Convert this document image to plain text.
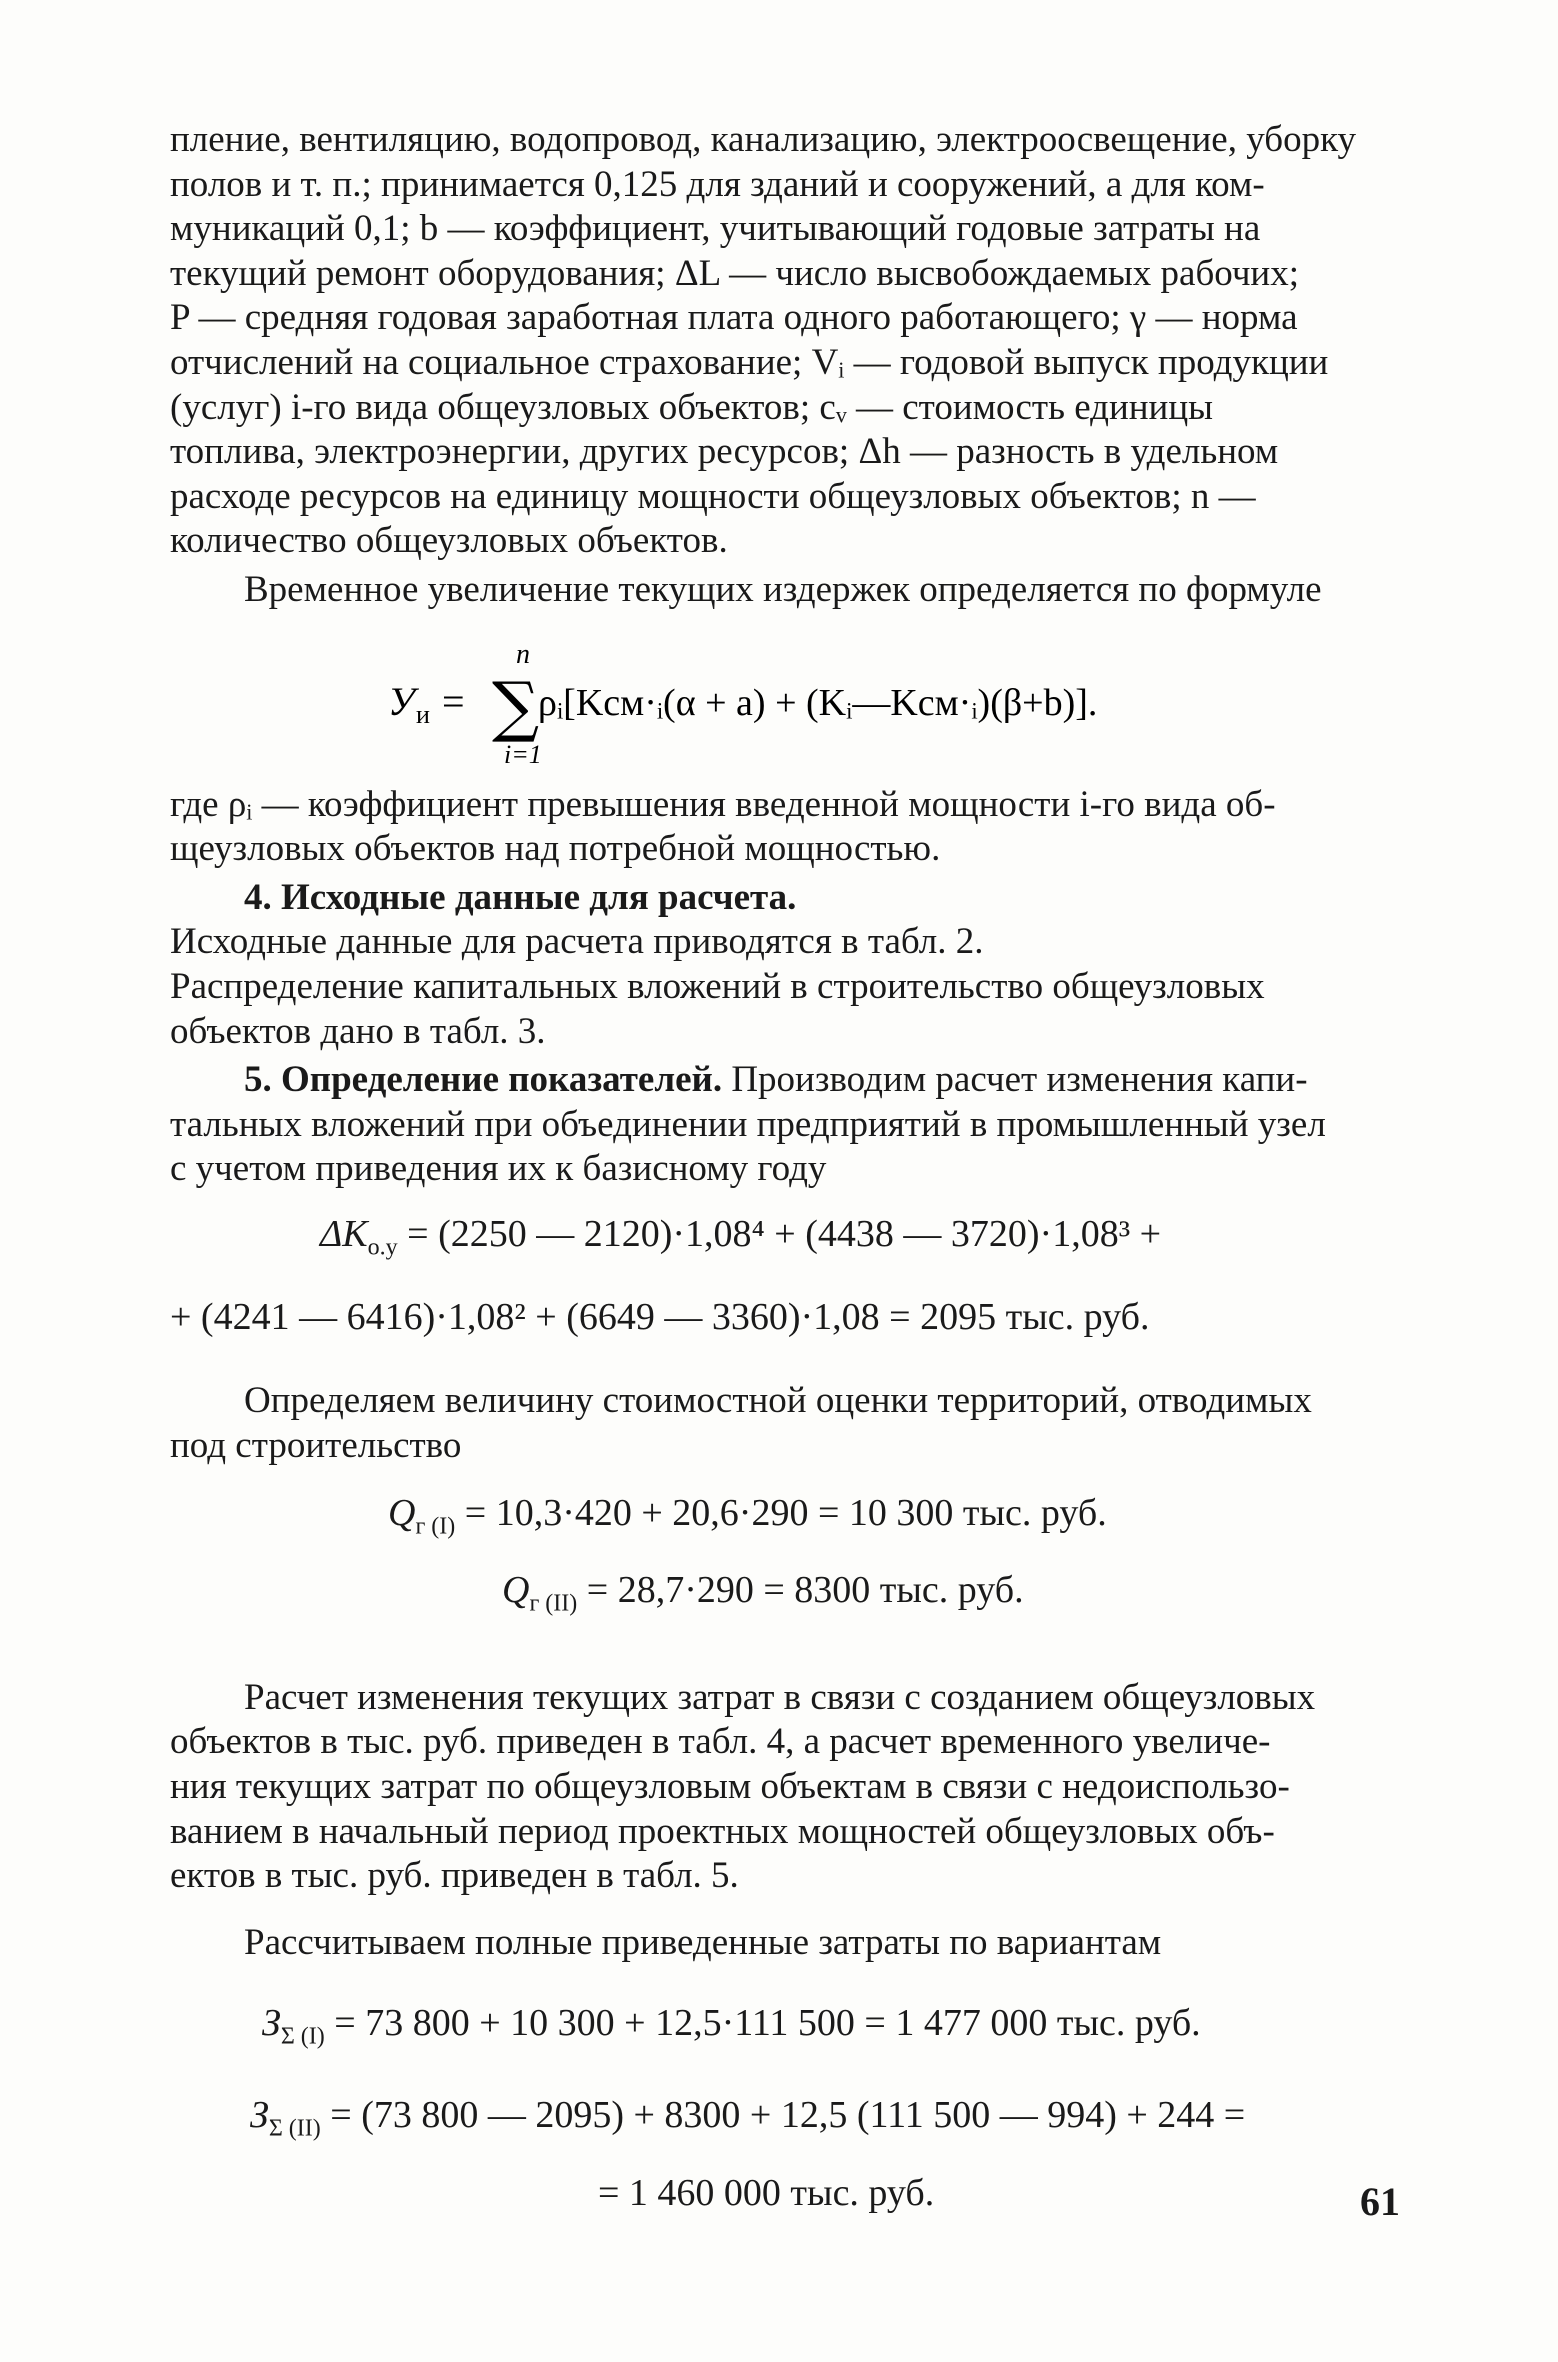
пление, вентиляцию, водопровод, канализацию, электроосвещение, уборку
полов и т. п.; принимается 0,125 для зданий и сооружений, а для ком-
муникаций 0,1; b — коэффициент, учитывающий годовые затраты на
текущий ремонт оборудования; ΔL — число высвобождаемых рабочих;
P — средняя годовая заработная плата одного работающего; γ — норма
отчислений на социальное страхование; Vᵢ — годовой выпуск продукции
(услуг) i-го вида общеузловых объектов; cᵥ — стоимость единицы
топлива, электроэнергии, других ресурсов; Δh — разность в удельном
расходе ресурсов на единицу мощности общеузловых объектов; n —
количество общеузловых объектов.
Временное увеличение текущих издержек определяется по формуле
n
У и = ∑
ρᵢ[Kсм·ᵢ(α + a) + (Kᵢ—Kсм·ᵢ)(β+b)].
i=1
где ρᵢ — коэффициент превышения введенной мощности i-го вида об-
щеузловых объектов над потребной мощностью.
4. Исходные данные для расчета.
Исходные данные для расчета приводятся в табл. 2.
Распределение капитальных вложений в строительство общеузловых
объектов дано в табл. 3.
5. Определение показателей. Производим расчет изменения капи-
тальных вложений при объединении предприятий в промышленный узел
с учетом приведения их к базисному году
$\Delta K_{о.у} = (2250$ — 2120)·1,08⁴ + (4438 — 3720)·1,08³ +
+ (4241 — 6416)·1,08² + (6649 — 3360)·1,08 = 2095 тыс. руб.
Определяем величину стоимостной оценки территорий, отводимых
под строительство
$Q_{г (I)} = 10,3\cdot 420 + 20,6\cdot 290 = 10$ 300 тыс. руб.
$Q_{г (II)} = 28,7\cdot 290 = 8300$ тыс. руб.
Расчет изменения текущих затрат в связи с созданием общеузловых
объектов в тыс. руб. приведен в табл. 4, а расчет временного увеличе-
ния текущих затрат по общеузловым объектам в связи с недоиспользо-
ванием в начальный период проектных мощностей общеузловых объ-
ектов в тыс. руб. приведен в табл. 5.
Рассчитываем полные приведенные затраты по вариантам
$З_{\Sigma (I)} = 73$ 800 + 10 300 + 12,5·111 500 = 1 477 000 тыс. руб.
$З_{\Sigma (II)} = (73$ 800 — 2095) + 8300 + 12,5 (111 500 — 994) + 244 =
= 1 460 000 тыс. руб.	61
